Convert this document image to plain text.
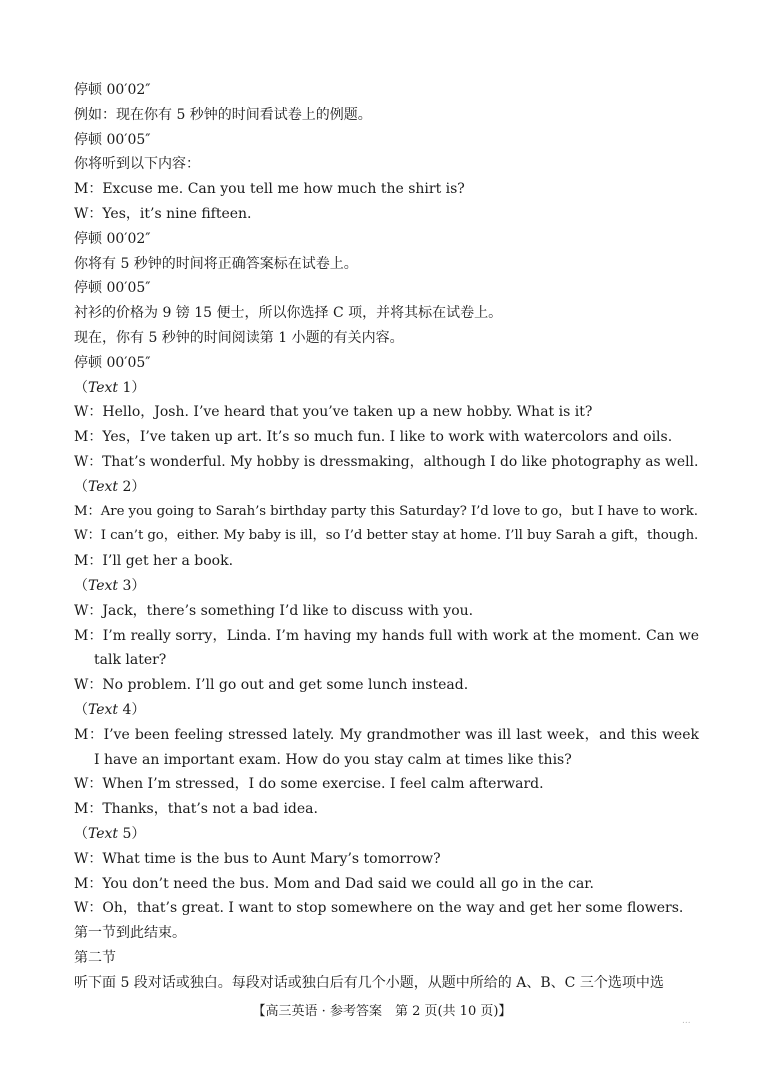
停顿 00′02″
例如：现在你有 5 秒钟的时间看试卷上的例题。
停顿 00′05″
你将听到以下内容：
M：Excuse me. Can you tell me how much the shirt is?
W：Yes，it’s nine fifteen.
停顿 00′02″
你将有 5 秒钟的时间将正确答案标在试卷上。
停顿 00′05″
衬衫的价格为 9 镑 15 便士，所以你选择 C 项，并将其标在试卷上。
现在，你有 5 秒钟的时间阅读第 1 小题的有关内容。
停顿 00′05″
（Text 1）
W：Hello，Josh. I’ve heard that you’ve taken up a new hobby. What is it?
M：Yes，I’ve taken up art. It’s so much fun. I like to work with watercolors and oils.
W：That’s wonderful. My hobby is dressmaking，although I do like photography as well.
（Text 2）
M：Are you going to Sarah’s birthday party this Saturday? I’d love to go，but I have to work.
W：I can’t go，either. My baby is ill，so I’d better stay at home. I’ll buy Sarah a gift，though.
M：I’ll get her a book.
（Text 3）
W：Jack，there’s something I’d like to discuss with you.
M：I’m really sorry，Linda. I’m having my hands full with work at the moment. Can we talk later?
W：No problem. I’ll go out and get some lunch instead.
（Text 4）
M：I’ve been feeling stressed lately. My grandmother was ill last week，and this week I have an important exam. How do you stay calm at times like this?
W：When I’m stressed，I do some exercise. I feel calm afterward.
M：Thanks，that’s not a bad idea.
（Text 5）
W：What time is the bus to Aunt Mary’s tomorrow?
M：You don’t need the bus. Mom and Dad said we could all go in the car.
W：Oh，that’s great. I want to stop somewhere on the way and get her some flowers.
第一节到此结束。
第二节
听下面 5 段对话或独白。每段对话或独白后有几个小题，从题中所给的 A、B、C 三个选项中选
【高三英语 · 参考答案　第 2 页(共 10 页)】
...
